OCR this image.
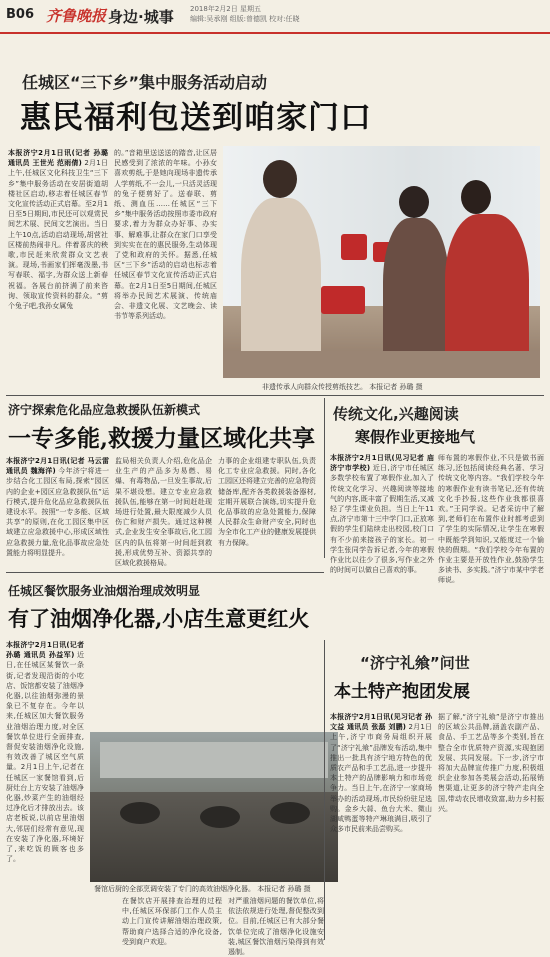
B06 齐鲁晚报 身边·城事 2018年2月2日 星期五
编辑:吴承刚 组版:曾德凯 校对:任晓
任城区“三下乡”集中服务活动启动
惠民福利包送到咱家门口
本报济宁2月1日讯(记者 孙璐 通讯员 王世光 范雨倩) 2月1日上午,任城区文化科技卫生“三下乡”集中服务活动在安居街道胡楼社区启动,移志着任城区春节文化宣传活动正式启幕。至2月1日至5日期间,市民还可以观赏民间艺术展、民间文艺演出。当日上午10点,活动启动现场,胡营社区楼前热闹非凡。伴着喜庆的秧歌,市民赶来欣赏群众文艺表演。现场,书画家们挥毫泼墨,书写春联、福字,为群众送上新春祝福。各展台前挤满了前来咨询、领取宣传资料的群众。“剪个兔子吧,我孙女属兔
的。”音箱里送送送的踏音,让区居民感受到了浓浓的年味。小孙女喜欢剪纸,于是她向现场非遗传承人学剪纸,不一会儿,一只活灵活现的兔子便剪好了。送春联、剪纸、测血压……任城区“三下乡”集中服务活动按照市委市政府要求,着力为群众办好事、办实事、解难事,让群众在家门口享受到实实在在的惠民服务,生动体现了党和政府的关怀。据悉,任城区“三下乡”活动的启动也标志着任城区春节文化宣传活动正式启幕。在2月1日至5日期间,任城区将举办民间艺术展演、传统庙会、非遗文化展、文艺晚会、读书节等系列活动。
非遗传承人向群众传授剪纸技艺。 本报记者 孙璐 摄
济宁探索危化品应急救援队伍新模式
一专多能,救援力量区域化共享
本报济宁2月1日讯(记者 马云雷 通讯员 魏海洋) 今年济宁将进一步结合化工园区布局,探索“园区内的企业+园区应急救援队伍”运行模式,提升危化品应急救援队伍建设水平。按照“一专多能、区域共享”的原则,在化工园区集中区域建立应急救援中心,形成区域性应急救援力量,危化品事故应急处置能力将明显提升。
监局相关负责人介绍,危化品企业生产的产品多为易燃、易爆、有毒物品,一旦发生事故,后果不堪设想。建立专业应急救援队伍,能够在第一时间赶赴现场进行处置,最大限度减少人员伤亡和财产损失。通过这种模式,企业发生安全事故后,化工园区内的队伍将第一时间赶到救援,形成优势互补、资源共享的区域化救援格局。
力事的企业组建专职队伍,负责化工专业应急救援。同时,各化工园区还将建立完善的应急物资储备库,配齐各类救援装备器材,定期开展联合演练,切实提升危化品事故的应急处置能力,保障人民群众生命财产安全,同时也为全市化工产业的健康发展提供有力保障。
传统文化,兴趣阅读
寒假作业更接地气
本报济宁2月1日讯(见习记者 庙 济宁市学校) 近日,济宁市任城区多数学校布置了寒假作业,加入了传统文化学习、兴趣阅读等接地气的内容,既丰富了假期生活,又减轻了学生课业负担。当日上午11点,济宁市第十三中学门口,正放寒假的学生们陆续走出校园,校门口有不少前来接孩子的家长。初一学生张同学告诉记者,今年的寒假作业比以往少了很多,写作业之外的时间可以做自己喜欢的事。
师布置的寒假作业,不只是做书面练习,还包括阅读经典名著、学习传统文化等内容。“我们学校今年的寒假作业有读书笔记,还有传统文化手抄报,这些作业我都很喜欢。”王同学说。记者采访中了解到,老师们在布置作业时都考虑到了学生的实际情况,让学生在寒假中既能学到知识,又能度过一个愉快的假期。“我们学校今年布置的作业主要是开放性作业,鼓励学生多读书、多实践。”济宁市某中学老师说。
任城区餐饮服务业油烟治理成效明显
有了油烟净化器,小店生意更红火
本报济宁2月1日讯(记者 孙璐 通讯员 孙益军) 近日,在任城区某餐饮一条街,记者发现沿街的小吃店、饭馆都安装了油烟净化器,以往油烟弥漫的景象已不复存在。今年以来,任城区加大餐饮服务业油烟治理力度,对全区餐饮单位进行全面排查,督促安装油烟净化设施,有效改善了城区空气质量。2月1日上午,记者在任城区一家餐馆看到,后厨灶台上方安装了油烟净化器,炒菜产生的油烟经过净化后才排放出去。该店老板说,以前店里油烟大,邻居们经常有意见,现在安装了净化器,环境好了,来吃饭的顾客也多了。
餐馆后厨的全部烹调安装了专门的高效油烟净化器。 本报记者 孙璐 摄
在餐饮店开展排查治理的过程中,任城区环保部门工作人员主动上门宣传讲解油烟治理政策,帮助商户选择合适的净化设备,受到商户欢迎。
对严重油烟问题的餐饮单位,将依法依规进行处理,督促整改到位。目前,任城区已有大部分餐饮单位完成了油烟净化设施安装,城区餐饮油烟污染得到有效遏制。
“济宁礼飨”问世
本土特产抱团发展
本报济宁2月1日讯(见习记者 孙文益 通讯员 张磊 刘鹏) 2月1日上午,济宁市商务局组织开展了“济宁礼飨”品牌发布活动,集中推出一批具有济宁地方特色的优质农产品和手工艺品,进一步提升本土特产的品牌影响力和市场竞争力。当日上午,在济宁一家商场举办的活动现场,市民纷纷驻足选购。金乡大蒜、鱼台大米、微山湖咸鸭蛋等特产琳琅满目,吸引了众多市民前来品尝购买。
据了解,“济宁礼飨”是济宁市推出的区域公共品牌,涵盖农副产品、食品、手工艺品等多个类别,旨在整合全市优质特产资源,实现抱团发展、共同发展。下一步,济宁市将加大品牌宣传推广力度,积极组织企业参加各类展会活动,拓展销售渠道,让更多的济宁特产走向全国,带动农民增收致富,助力乡村振兴。
